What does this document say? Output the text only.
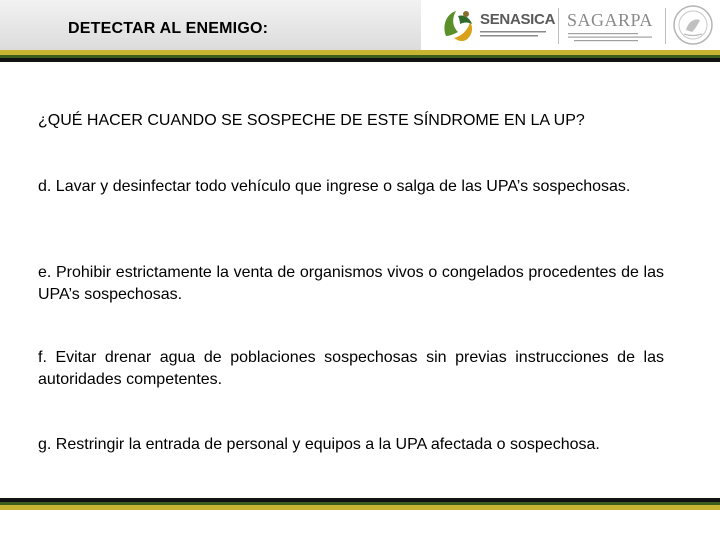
DETECTAR AL ENEMIGO:
SENASICA SAGARPA
¿QUÉ HACER CUANDO SE SOSPECHE DE ESTE SÍNDROME EN LA UP?
d. Lavar y desinfectar todo vehículo que ingrese o salga de las UPA’s sospechosas.
e. Prohibir estrictamente la venta de organismos vivos o congelados procedentes de las UPA’s sospechosas.
f. Evitar drenar agua de poblaciones sospechosas sin previas instrucciones de las autoridades competentes.
g. Restringir la entrada de personal y equipos a la UPA afectada o sospechosa.
